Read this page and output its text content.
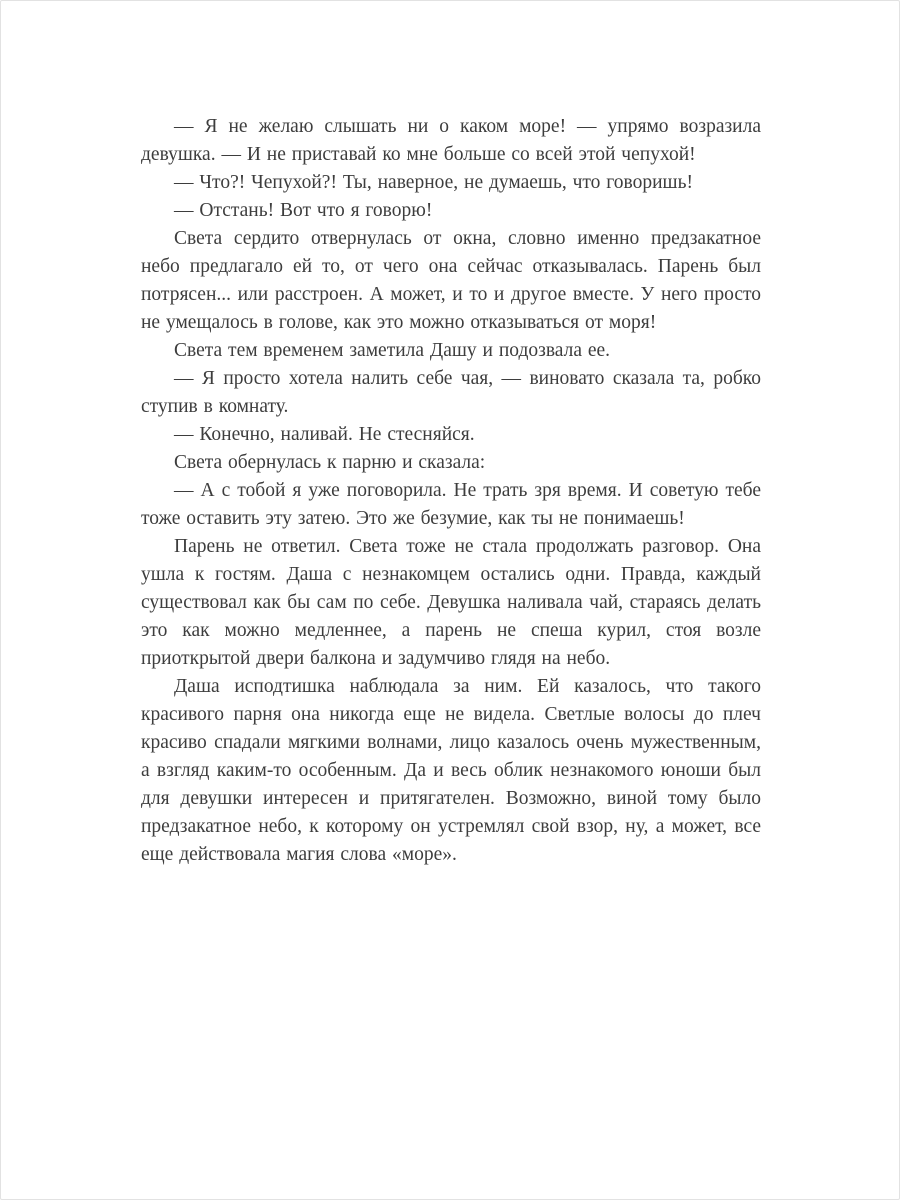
— Я не желаю слышать ни о каком море! — упрямо возразила девушка. — И не приставай ко мне больше со всей этой чепухой!

— Что?! Чепухой?! Ты, наверное, не думаешь, что говоришь!

— Отстань! Вот что я говорю!

Света сердито отвернулась от окна, словно именно предзакатное небо предлагало ей то, от чего она сейчас отказывалась. Парень был потрясен... или расстроен. А может, и то и другое вместе. У него просто не умещалось в голове, как это можно отказываться от моря!

Света тем временем заметила Дашу и подозвала ее.

— Я просто хотела налить себе чая, — виновато сказала та, робко ступив в комнату.

— Конечно, наливай. Не стесняйся.

Света обернулась к парню и сказала:

— А с тобой я уже поговорила. Не трать зря время. И советую тебе тоже оставить эту затею. Это же безумие, как ты не понимаешь!

Парень не ответил. Света тоже не стала продолжать разговор. Она ушла к гостям. Даша с незнакомцем остались одни. Правда, каждый существовал как бы сам по себе. Девушка наливала чай, стараясь делать это как можно медленнее, а парень не спеша курил, стоя возле приоткрытой двери балкона и задумчиво глядя на небо.

Даша исподтишка наблюдала за ним. Ей казалось, что такого красивого парня она никогда еще не видела. Светлые волосы до плеч красиво спадали мягкими волнами, лицо казалось очень мужественным, а взгляд каким-то особенным. Да и весь облик незнакомого юноши был для девушки интересен и притягателен. Возможно, виной тому было предзакатное небо, к которому он устремлял свой взор, ну, а может, все еще действовала магия слова «море».
